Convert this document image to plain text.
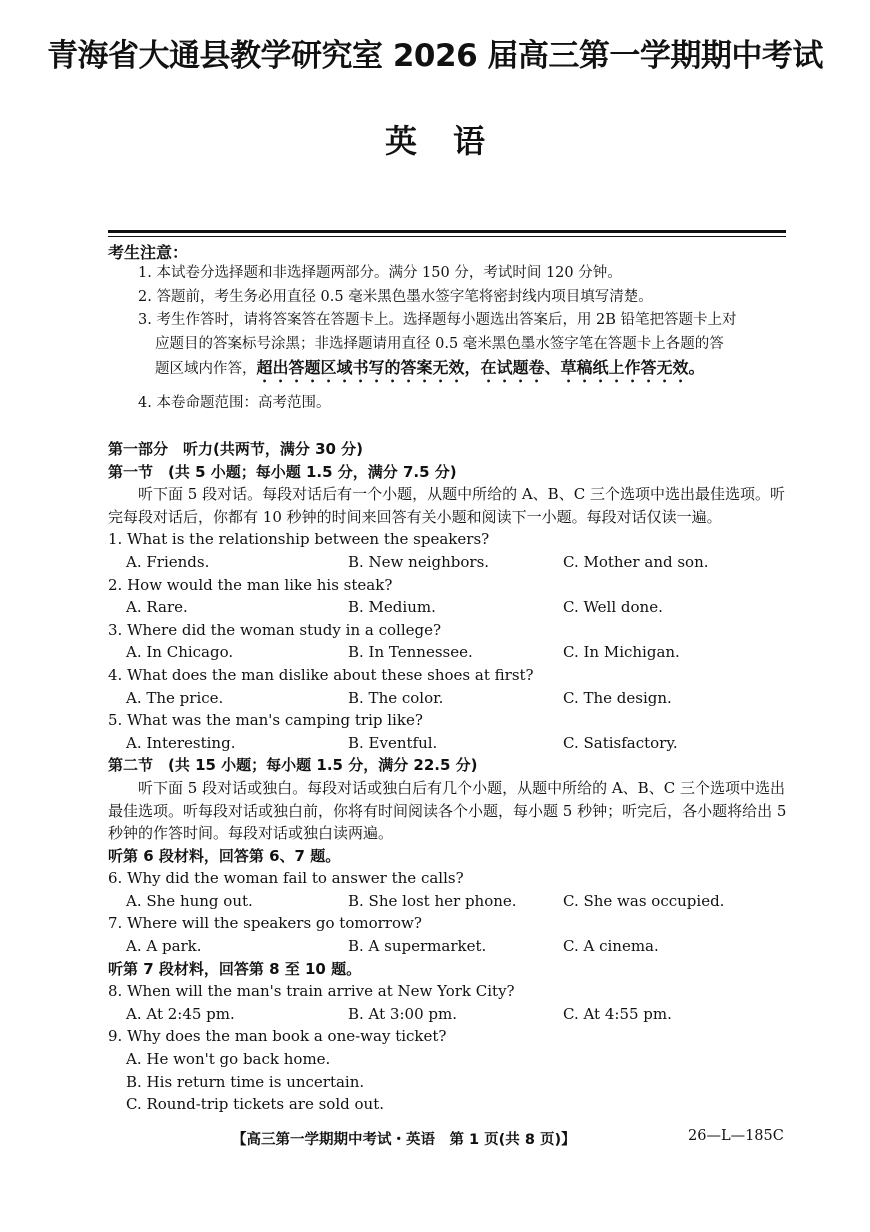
青海省大通县教学研究室 2026 届高三第一学期期中考试
英语
考生注意：

1. 本试卷分选择题和非选择题两部分。满分 150 分，考试时间 120 分钟。

2. 答题前，考生务必用直径 0.5 毫米黑色墨水签字笔将密封线内项目填写清楚。

3. 考生作答时，请将答案答在答题卡上。选择题每小题选出答案后，用 2B 铅笔把答题卡上对

应题目的答案标号涂黑；非选择题请用直径 0.5 毫米黑色墨水签字笔在答题卡上各题的答

题区域内作答，超出答题区域书写的答案无效，在试题卷、草稿纸上作答无效。

4. 本卷命题范围：高考范围。

第一部分　听力(共两节，满分 30 分)

第一节　(共 5 小题；每小题 1.5 分，满分 7.5 分)

听下面 5 段对话。每段对话后有一个小题，从题中所给的 A、B、C 三个选项中选出最佳选项。听完每段对话后，你都有 10 秒钟的时间来回答有关小题和阅读下一小题。每段对话仅读一遍。

1. What is the relationship between the speakers?

A. Friends.	B. New neighbors.	C. Mother and son.

2. How would the man like his steak?

A. Rare.	B. Medium.	C. Well done.

3. Where did the woman study in a college?

A. In Chicago.	B. In Tennessee.	C. In Michigan.

4. What does the man dislike about these shoes at first?

A. The price.	B. The color.	C. The design.

5. What was the man's camping trip like?

A. Interesting.	B. Eventful.	C. Satisfactory.

第二节　(共 15 小题；每小题 1.5 分，满分 22.5 分)

听下面 5 段对话或独白。每段对话或独白后有几个小题，从题中所给的 A、B、C 三个选项中选出最佳选项。听每段对话或独白前，你将有时间阅读各个小题，每小题 5 秒钟；听完后，各小题将给出 5 秒钟的作答时间。每段对话或独白读两遍。

听第 6 段材料，回答第 6、7 题。

6. Why did the woman fail to answer the calls?

A. She hung out.	B. She lost her phone.	C. She was occupied.

7. Where will the speakers go tomorrow?

A. A park.	B. A supermarket.	C. A cinema.

听第 7 段材料，回答第 8 至 10 题。

8. When will the man's train arrive at New York City?

A. At 2:45 pm.	B. At 3:00 pm.	C. At 4:55 pm.

9. Why does the man book a one-way ticket?

A. He won't go back home.

B. His return time is uncertain.

C. Round-trip tickets are sold out.

【高三第一学期期中考试・英语　第 1 页(共 8 页)】	26—L—185C
